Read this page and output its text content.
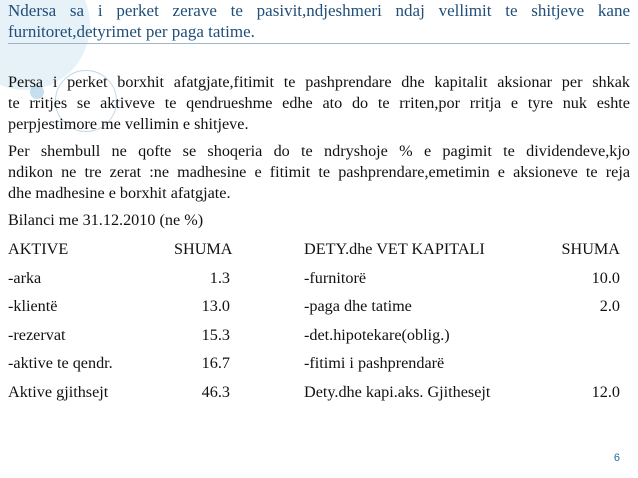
Ndersa sa i perket zerave te pasivit,ndjeshmeri ndaj vellimit te shitjeve kane
furnitoret,detyrimet per paga tatime.

Persa i perket borxhit afatgjate,fitimit te pashprendare dhe kapitalit aksionar per shkak
te rritjes se aktiveve te qendrueshme edhe ato do te rriten,por rritja e tyre nuk eshte
perpjestimore me vellimin e shitjeve.

Per shembull ne qofte se shoqeria do te ndryshoje % e pagimit te dividendeve,kjo
ndikon ne tre zerat :ne madhesine e fitimit te pashprendare,emetimin e aksioneve te reja
dhe madhesine e borxhit afatgjate.

Bilanci me 31.12.2010 (ne %)

AKTIVE	SHUMA	DETY.dhe VET KAPITALI	SHUMA
-arka	1.3	-furnitorë	10.0
-klientë	13.0	-paga dhe tatime	2.0
-rezervat	15.3	-det.hipotekare(oblig.)
-aktive te qendr.	16.7	-fitimi i pashprendarë
Aktive gjithsejt	46.3	Dety.dhe kapi.aks. Gjithesejt	12.0
6
